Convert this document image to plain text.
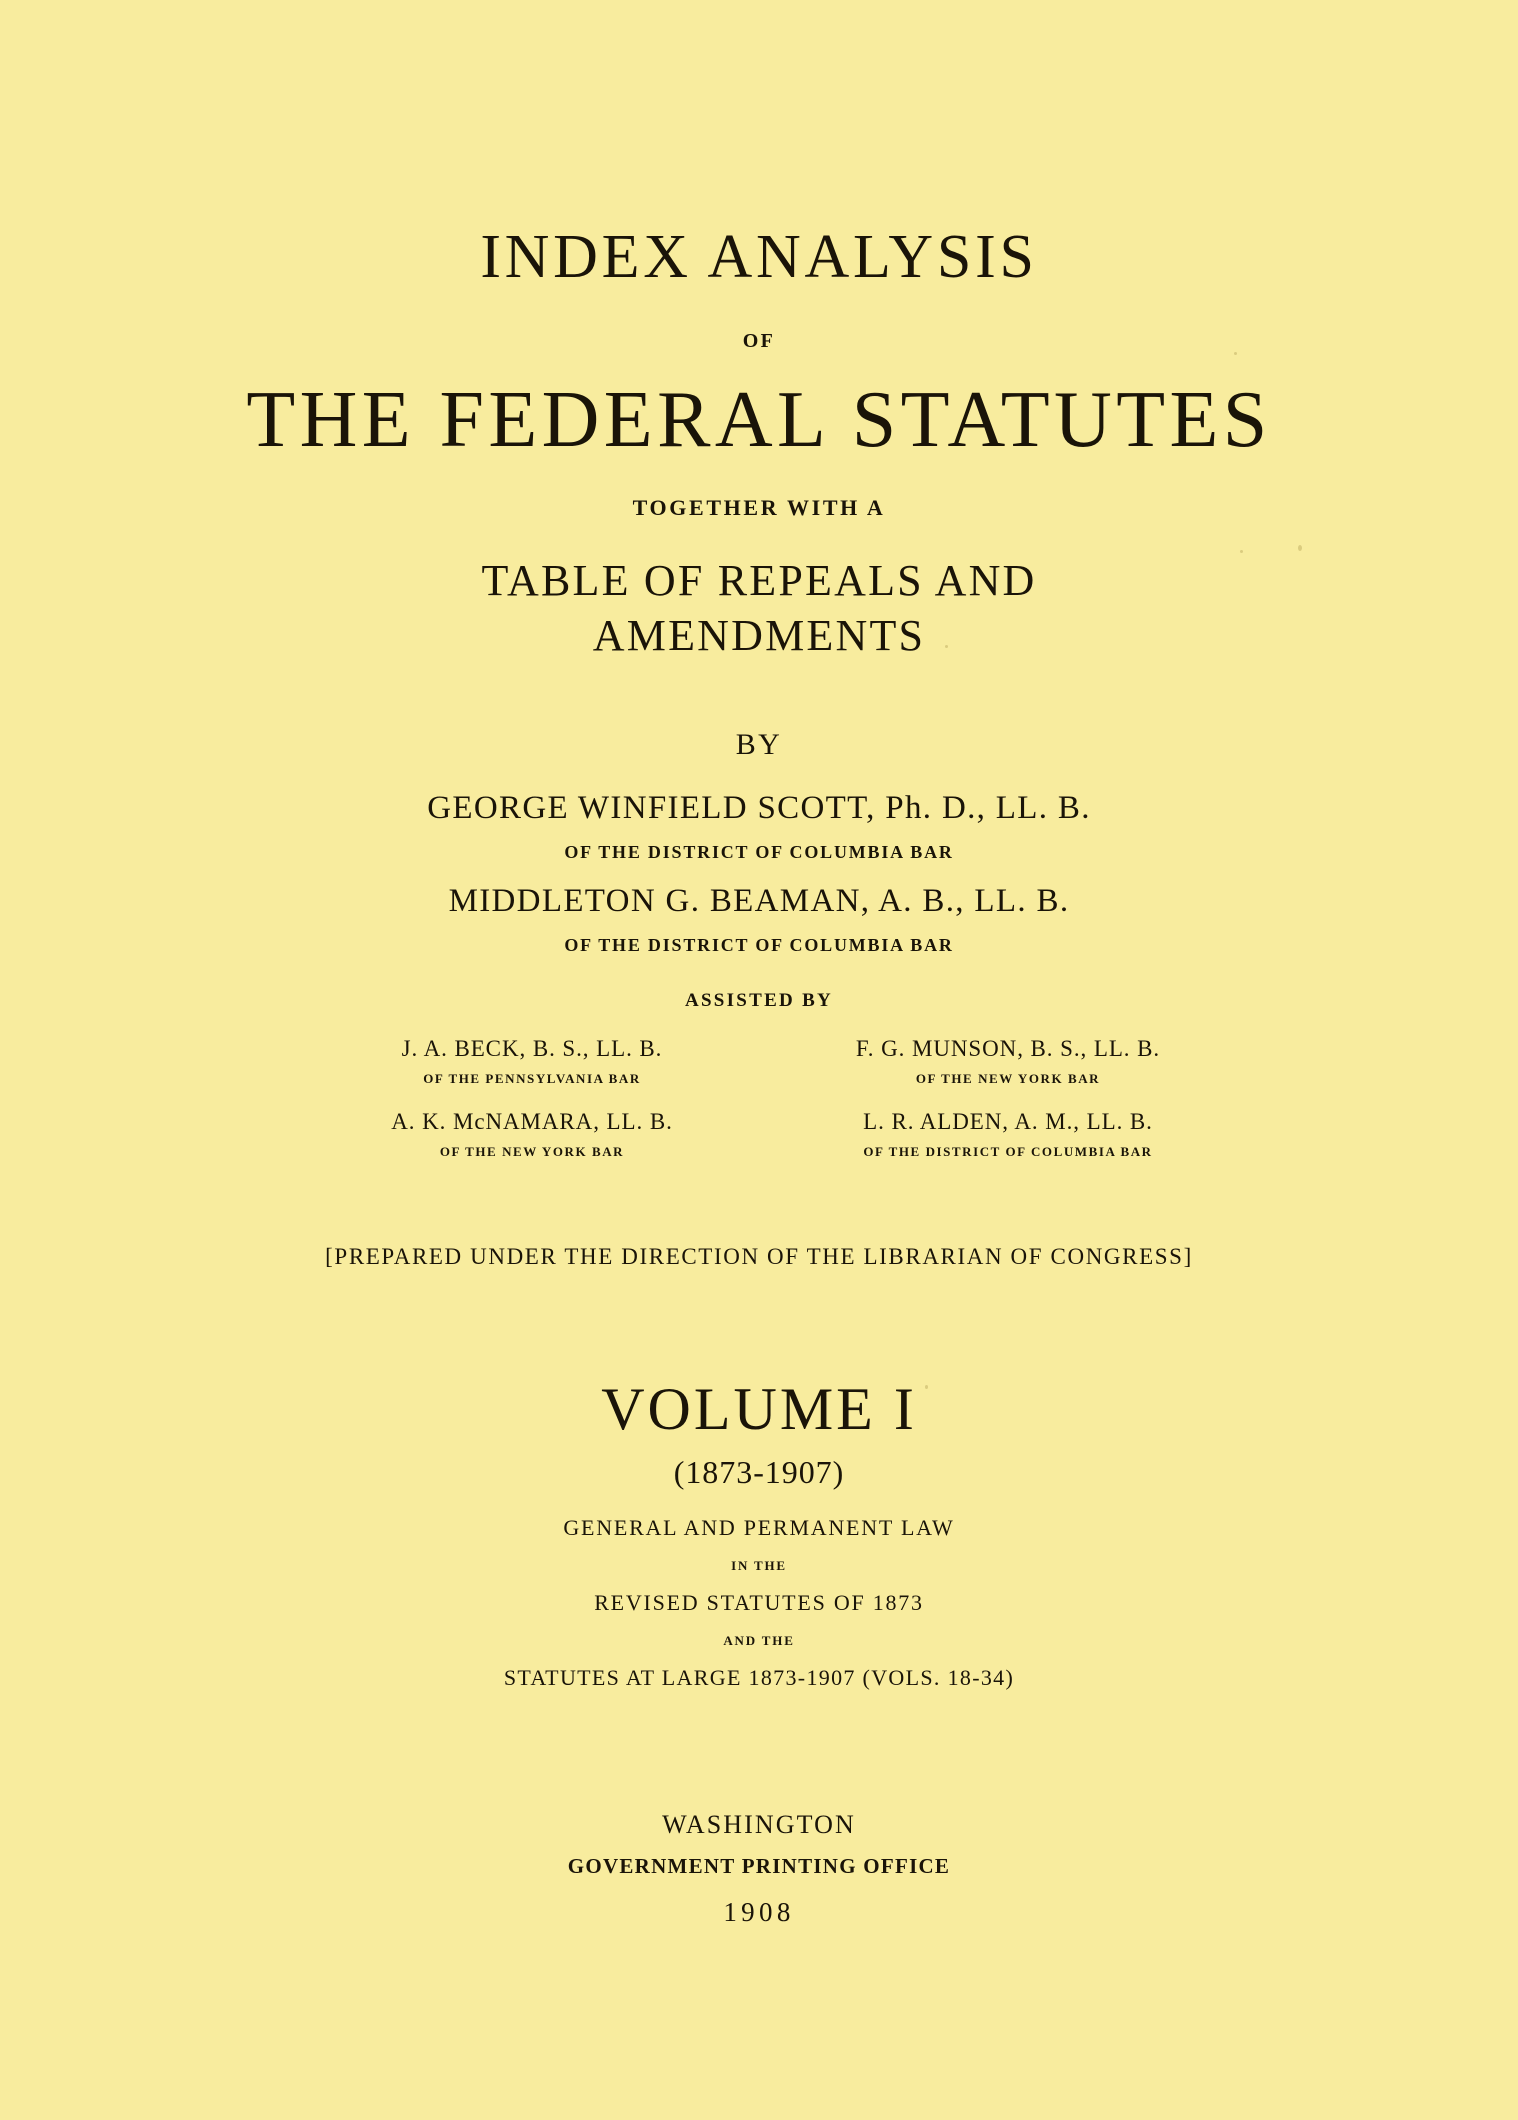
INDEX ANALYSIS
OF
THE FEDERAL STATUTES
TOGETHER WITH A
TABLE OF REPEALS AND
AMENDMENTS
BY
GEORGE WINFIELD SCOTT, Ph. D., LL. B.
OF THE DISTRICT OF COLUMBIA BAR
MIDDLETON G. BEAMAN, A. B., LL. B.
OF THE DISTRICT OF COLUMBIA BAR
ASSISTED BY
J. A. BECK, B. S., LL. B.
OF THE PENNSYLVANIA BAR
F. G. MUNSON, B. S., LL. B.
OF THE NEW YORK BAR
A. K. McNAMARA, LL. B.
OF THE NEW YORK BAR
L. R. ALDEN, A. M., LL. B.
OF THE DISTRICT OF COLUMBIA BAR
[PREPARED UNDER THE DIRECTION OF THE LIBRARIAN OF CONGRESS]
VOLUME I
(1873-1907)
GENERAL AND PERMANENT LAW
IN THE
REVISED STATUTES OF 1873
AND THE
STATUTES AT LARGE 1873-1907 (VOLS. 18-34)
WASHINGTON
GOVERNMENT PRINTING OFFICE
1908
